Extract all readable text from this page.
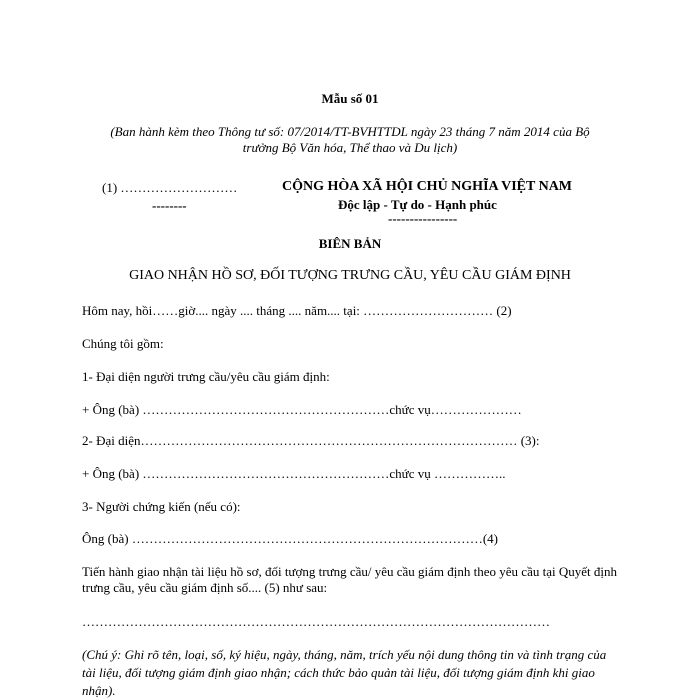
Mẫu số 01
(Ban hành kèm theo Thông tư số: 07/2014/TT-BVHTTDL ngày 23 tháng 7 năm 2014 của Bộ
trưởng Bộ Văn hóa, Thể thao và Du lịch)
(1) ………………………
--------
CỘNG HÒA XÃ HỘI CHỦ NGHĨA VIỆT NAM
Độc lập - Tự do - Hạnh phúc
----------------
BIÊN BẢN
GIAO NHẬN HỒ SƠ, ĐỐI TƯỢNG TRƯNG CẦU, YÊU CẦU GIÁM ĐỊNH
Hôm nay, hồi……giờ.... ngày .... tháng .... năm.... tại: ………………………… (2)
Chúng tôi gồm:
1- Đại diện người trưng cầu/yêu cầu giám định:
+ Ông (bà) …………………………………………………chức vụ…………………
2- Đại diện…………………………………………………………………………… (3):
+ Ông (bà) …………………………………………………chức vụ ……………..
3- Người chứng kiến (nếu có):
Ông (bà) ………………………………………………………………………(4)
Tiến hành giao nhận tài liệu hồ sơ, đối tượng trưng cầu/ yêu cầu giám định theo yêu cầu tại Quyết định trưng cầu, yêu cầu giám định số.... (5) như sau:
………………………………………………………………………………………………
(Chú ý: Ghi rõ tên, loại, số, ký hiệu, ngày, tháng, năm, trích yếu nội dung thông tin và tình trạng của tài liệu, đối tượng giám định giao nhận; cách thức bảo quản tài liệu, đối tượng giám định khi giao nhận).
